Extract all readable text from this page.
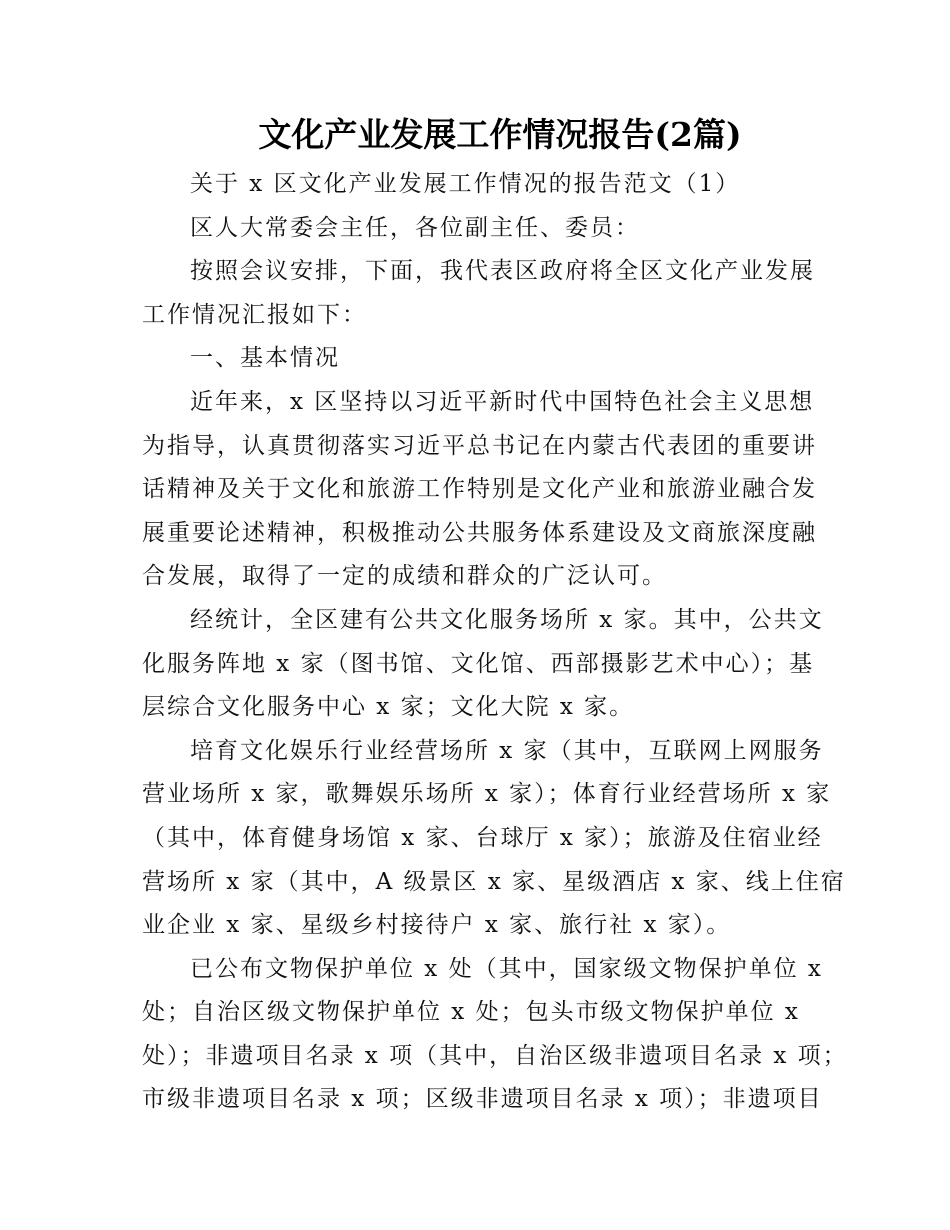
文化产业发展工作情况报告(2篇)
关于 x 区文化产业发展工作情况的报告范文（1）
区人大常委会主任，各位副主任、委员：
按照会议安排，下面，我代表区政府将全区文化产业发展
工作情况汇报如下：
一、基本情况
近年来，x 区坚持以习近平新时代中国特色社会主义思想
为指导，认真贯彻落实习近平总书记在内蒙古代表团的重要讲
话精神及关于文化和旅游工作特别是文化产业和旅游业融合发
展重要论述精神，积极推动公共服务体系建设及文商旅深度融
合发展，取得了一定的成绩和群众的广泛认可。
经统计，全区建有公共文化服务场所 x 家。其中，公共文
化服务阵地 x 家（图书馆、文化馆、西部摄影艺术中心）；基
层综合文化服务中心 x 家；文化大院 x 家。
培育文化娱乐行业经营场所 x 家（其中，互联网上网服务
营业场所 x 家，歌舞娱乐场所 x 家）；体育行业经营场所 x 家
（其中，体育健身场馆 x 家、台球厅 x 家）；旅游及住宿业经
营场所 x 家（其中，A 级景区 x 家、星级酒店 x 家、线上住宿
业企业 x 家、星级乡村接待户 x 家、旅行社 x 家）。
已公布文物保护单位 x 处（其中，国家级文物保护单位 x
处；自治区级文物保护单位 x 处；包头市级文物保护单位 x
处）；非遗项目名录 x 项（其中，自治区级非遗项目名录 x 项；
市级非遗项目名录 x 项；区级非遗项目名录 x 项）；非遗项目
